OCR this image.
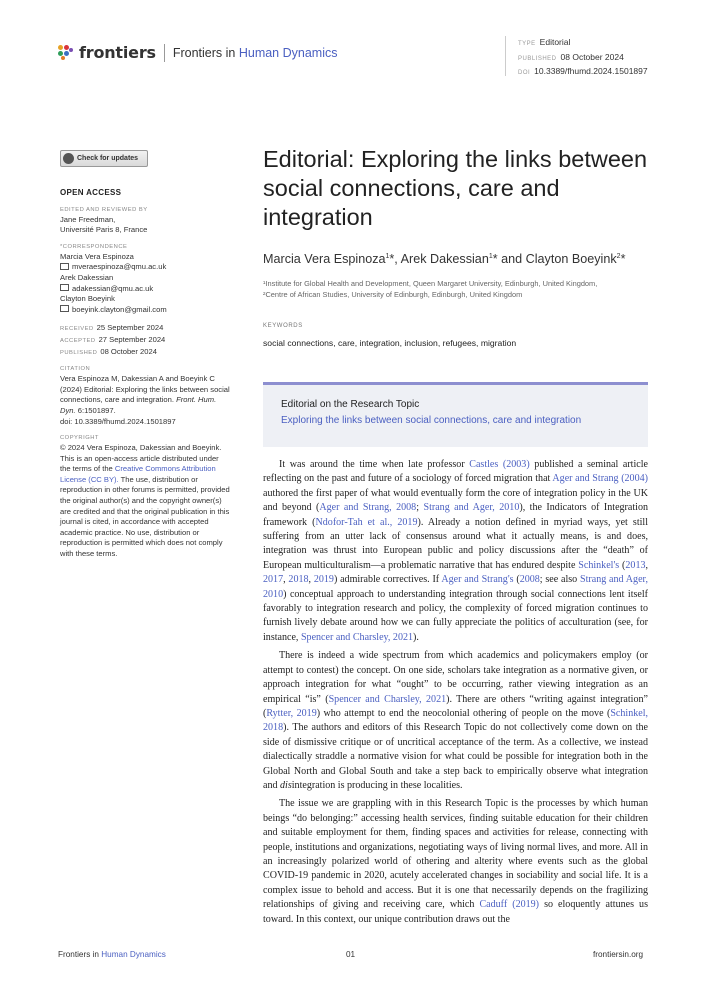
frontiers Frontiers in Human Dynamics
TYPE Editorial
PUBLISHED 08 October 2024
DOI 10.3389/fhumd.2024.1501897
Check for updates
OPEN ACCESS
EDITED AND REVIEWED BY
Jane Freedman,
Université Paris 8, France
*CORRESPONDENCE
Marcia Vera Espinoza
mveraespinoza@qmu.ac.uk
Arek Dakessian
adakessian@qmu.ac.uk
Clayton Boeyink
boeyink.clayton@gmail.com
RECEIVED 25 September 2024
ACCEPTED 27 September 2024
PUBLISHED 08 October 2024
CITATION
Vera Espinoza M, Dakessian A and Boeyink C (2024) Editorial: Exploring the links between social connections, care and integration. Front. Hum. Dyn. 6:1501897.
doi: 10.3389/fhumd.2024.1501897
COPYRIGHT
© 2024 Vera Espinoza, Dakessian and Boeyink. This is an open-access article distributed under the terms of the Creative Commons Attribution License (CC BY). The use, distribution or reproduction in other forums is permitted, provided the original author(s) and the copyright owner(s) are credited and that the original publication in this journal is cited, in accordance with accepted academic practice. No use, distribution or reproduction is permitted which does not comply with these terms.
Editorial: Exploring the links between social connections, care and integration
Marcia Vera Espinoza$^1$*, Arek Dakessian$^1$* and Clayton Boeyink$^2$*
¹Institute for Global Health and Development, Queen Margaret University, Edinburgh, United Kingdom,
²Centre of African Studies, University of Edinburgh, Edinburgh, United Kingdom
KEYWORDS
social connections, care, integration, inclusion, refugees, migration
Editorial on the Research Topic
Exploring the links between social connections, care and integration

It was around the time when late professor Castles (2003) published a seminal article reflecting on the past and future of a sociology of forced migration that Ager and Strang (2004) authored the first paper of what would eventually form the core of integration policy in the UK and beyond (Ager and Strang, 2008; Strang and Ager, 2010), the Indicators of Integration framework (Ndofor-Tah et al., 2019). Already a notion defined in myriad ways, yet still suffering from an utter lack of consensus around what it actually means, is and does, integration was thrust into European public and policy discussions after the “death” of European multiculturalism—a problematic narrative that has endured despite Schinkel's (2013, 2017, 2018, 2019) admirable correctives. If Ager and Strang's (2008; see also Strang and Ager, 2010) conceptual approach to understanding integration through social connections lent itself favorably to integration research and policy, the complexity of forced migration continues to furnish lively debate around how we can fully appreciate the politics of acculturation (see, for instance, Spencer and Charsley, 2021).

There is indeed a wide spectrum from which academics and policymakers employ (or attempt to contest) the concept. On one side, scholars take integration as a normative given, or approach integration for what “ought” to be occurring, rather viewing integration as an empirical “is” (Spencer and Charsley, 2021). There are others “writing against integration” (Rytter, 2019) who attempt to end the neocolonial othering of people on the move (Schinkel, 2018). The authors and editors of this Research Topic do not collectively come down on the side of dismissive critique or of uncritical acceptance of the term. As a collective, we instead dialectically straddle a normative vision for what could be possible for integration both in the Global North and Global South and take a step back to empirically observe what integration and disintegration is producing in these localities.

The issue we are grappling with in this Research Topic is the processes by which human beings “do belonging:” accessing health services, finding suitable education for their children and suitable employment for them, finding spaces and activities for release, connecting with people, institutions and organizations, negotiating ways of living normal lives, and more. All in an increasingly polarized world of othering and alterity where events such as the global COVID-19 pandemic in 2020, acutely accelerated changes in sociability and social life. It is a complex issue to behold and access. But it is one that necessarily depends on the fragilizing relationships of giving and receiving care, which Caduff (2019) so eloquently attunes us toward. In this context, our unique contribution draws out the

Frontiers in Human Dynamics	01	frontiersin.org
